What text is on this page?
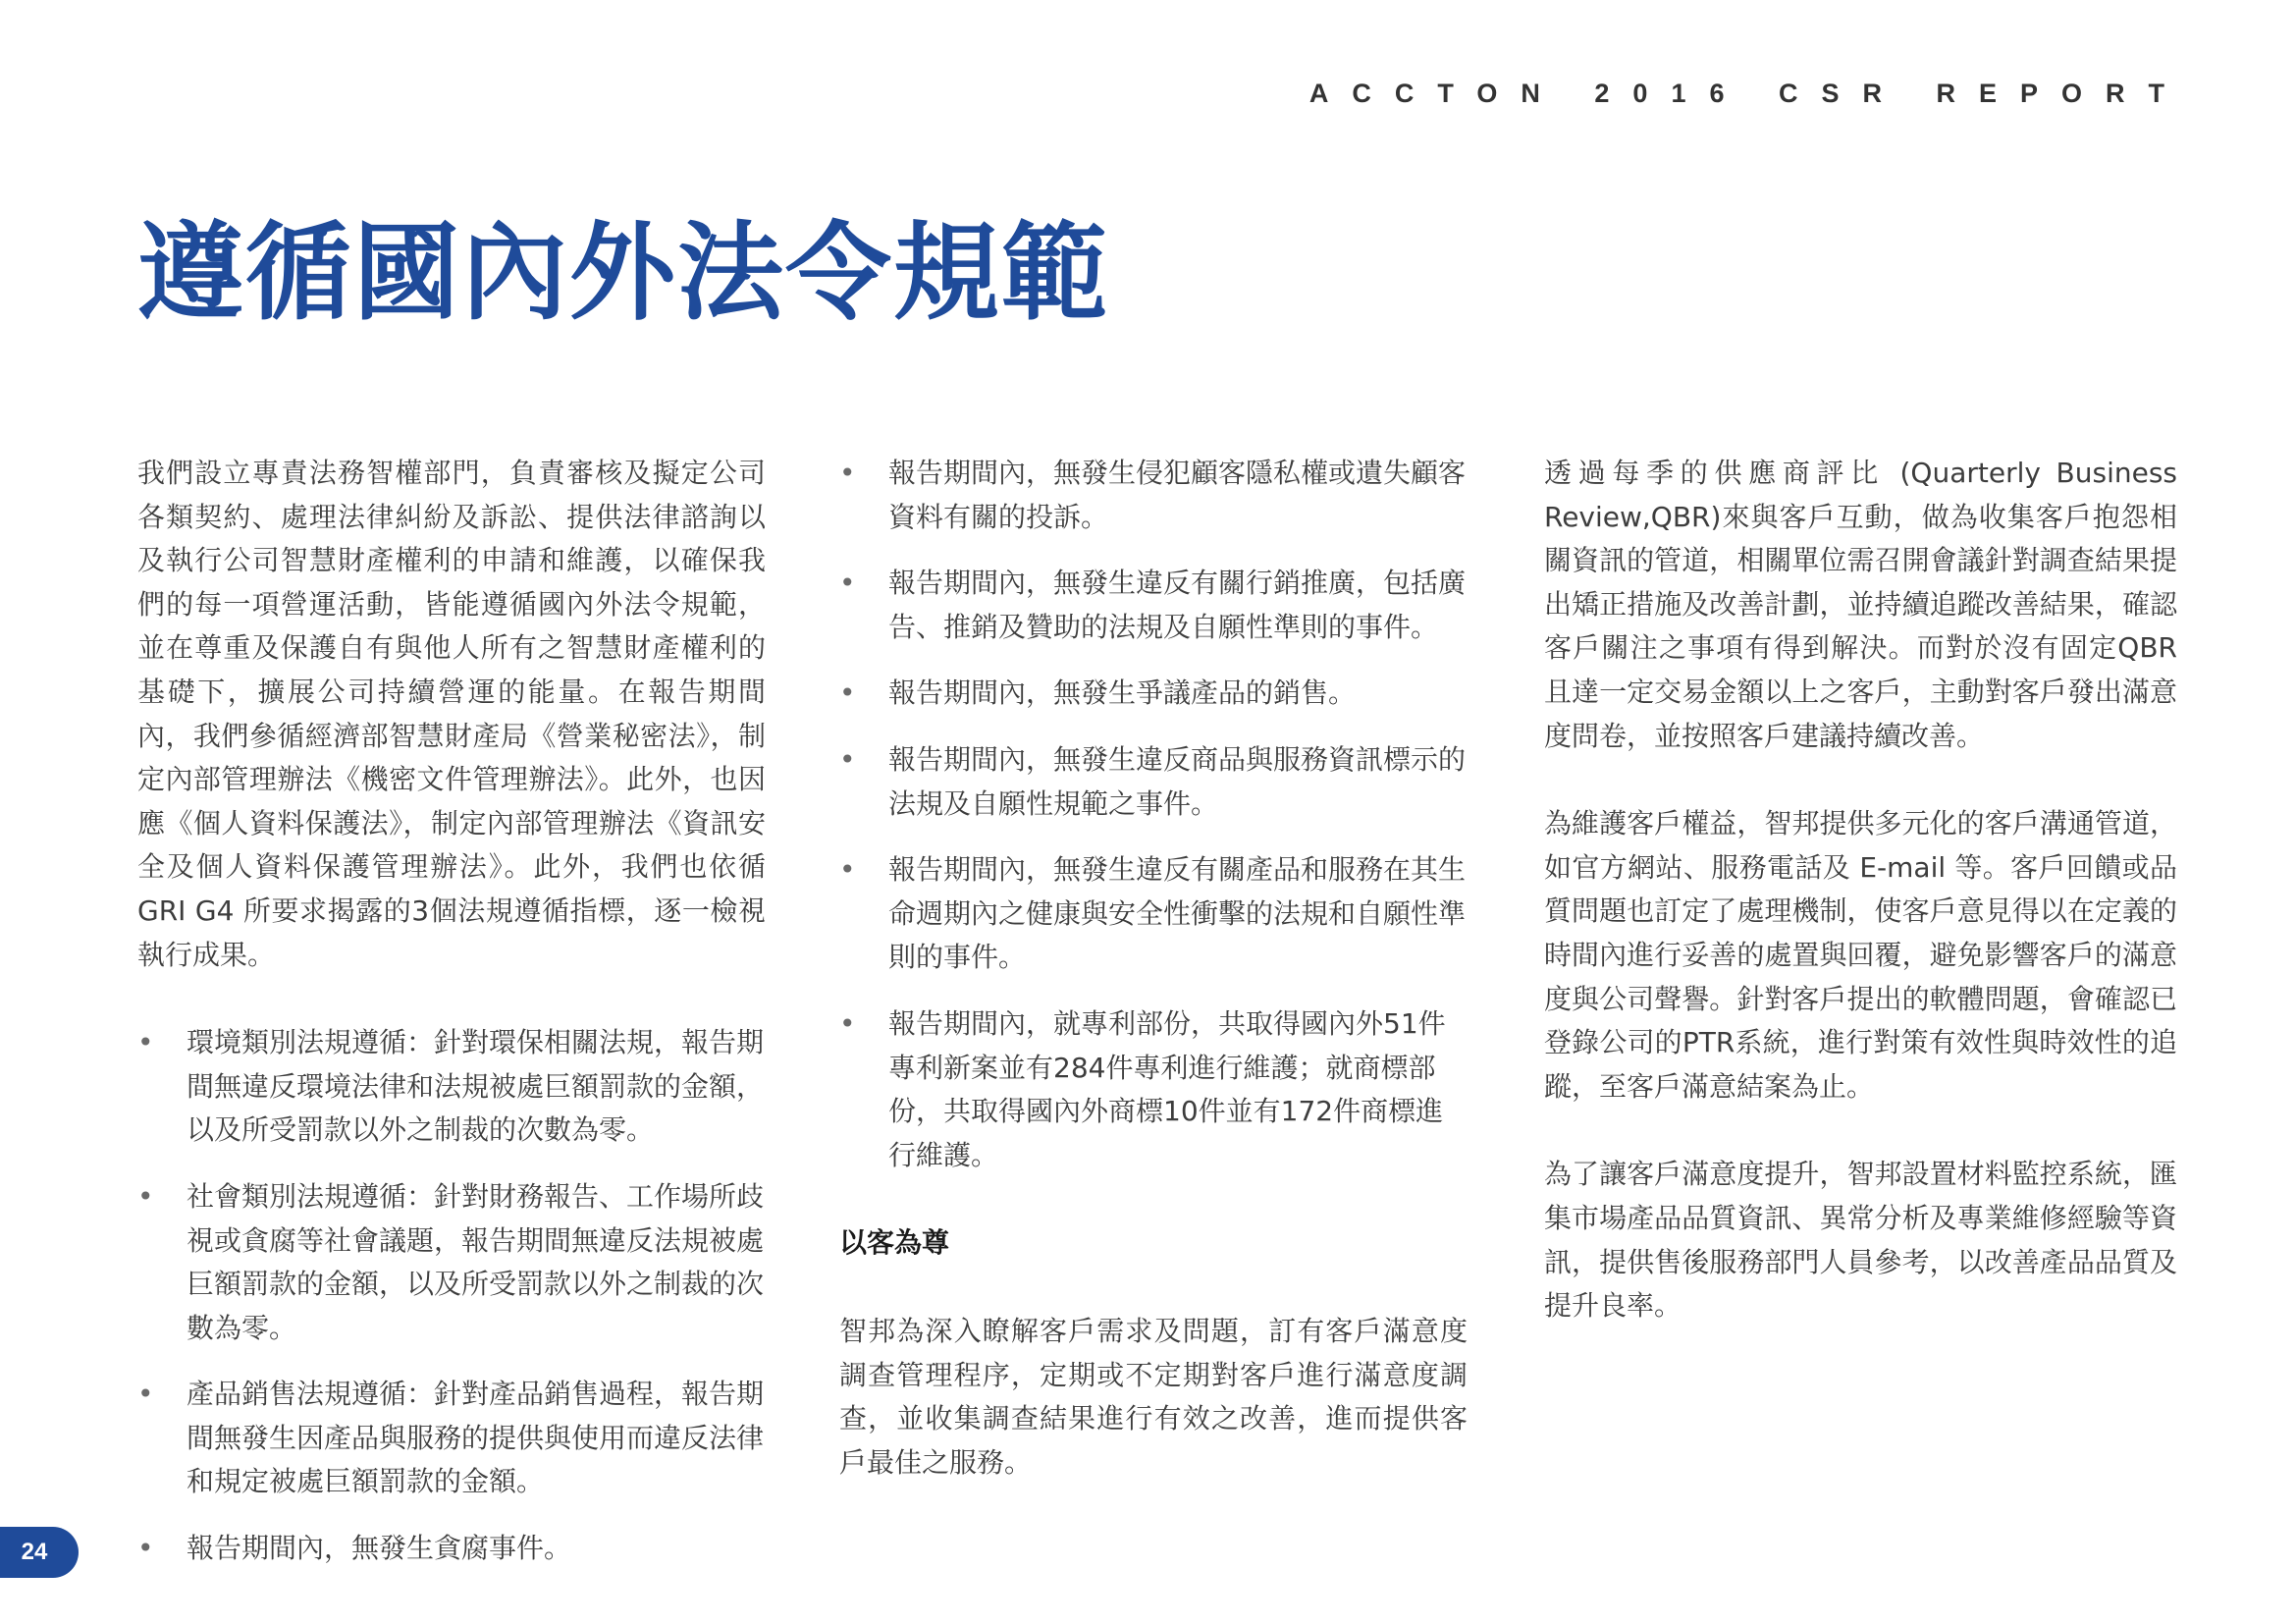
ACCTON 2016 CSR REPORT
遵循國內外法令規範

我們設立專責法務智權部門，負責審核及擬定公司各類契約、處理法律糾紛及訴訟、提供法律諮詢以及執行公司智慧財產權利的申請和維護，以確保我們的每一項營運活動，皆能遵循國內外法令規範，並在尊重及保護自有與他人所有之智慧財產權利的基礎下，擴展公司持續營運的能量。在報告期間內，我們參循經濟部智慧財產局《營業秘密法》，制定內部管理辦法《機密文件管理辦法》。此外，也因應《個人資料保護法》，制定內部管理辦法《資訊安全及個人資料保護管理辦法》。此外，我們也依循 GRI G4 所要求揭露的3個法規遵循指標，逐一檢視執行成果。

• 環境類別法規遵循：針對環保相關法規，報告期間無違反環境法律和法規被處巨額罰款的金額，以及所受罰款以外之制裁的次數為零。
• 社會類別法規遵循：針對財務報告、工作場所歧視或貪腐等社會議題，報告期間無違反法規被處巨額罰款的金額，以及所受罰款以外之制裁的次數為零。
• 產品銷售法規遵循：針對產品銷售過程，報告期間無發生因產品與服務的提供與使用而違反法律和規定被處巨額罰款的金額。
• 報告期間內，無發生貪腐事件。
• 報告期間內，無發生侵犯顧客隱私權或遺失顧客資料有關的投訴。
• 報告期間內，無發生違反有關行銷推廣，包括廣告、推銷及贊助的法規及自願性準則的事件。
• 報告期間內，無發生爭議產品的銷售。
• 報告期間內，無發生違反商品與服務資訊標示的法規及自願性規範之事件。
• 報告期間內，無發生違反有關產品和服務在其生命週期內之健康與安全性衝擊的法規和自願性準則的事件。
• 報告期間內，就專利部份，共取得國內外51件專利新案並有284件專利進行維護；就商標部份，共取得國內外商標10件並有172件商標進行維護。
以客為尊

智邦為深入瞭解客戶需求及問題，訂有客戶滿意度調查管理程序，定期或不定期對客戶進行滿意度調查，並收集調查結果進行有效之改善，進而提供客戶最佳之服務。

透過每季的供應商評比 (Quarterly Business Review,QBR)來與客戶互動，做為收集客戶抱怨相關資訊的管道，相關單位需召開會議針對調查結果提出矯正措施及改善計劃，並持續追蹤改善結果，確認客戶關注之事項有得到解決。而對於沒有固定QBR且達一定交易金額以上之客戶，主動對客戶發出滿意度問卷，並按照客戶建議持續改善。

為維護客戶權益，智邦提供多元化的客戶溝通管道，如官方網站、服務電話及 E-mail 等。客戶回饋或品質問題也訂定了處理機制，使客戶意見得以在定義的時間內進行妥善的處置與回覆，避免影響客戶的滿意度與公司聲譽。針對客戶提出的軟體問題，會確認已登錄公司的PTR系統，進行對策有效性與時效性的追蹤，至客戶滿意結案為止。

為了讓客戶滿意度提升，智邦設置材料監控系統，匯集市場產品品質資訊、異常分析及專業維修經驗等資訊，提供售後服務部門人員參考，以改善產品品質及提升良率。

24
